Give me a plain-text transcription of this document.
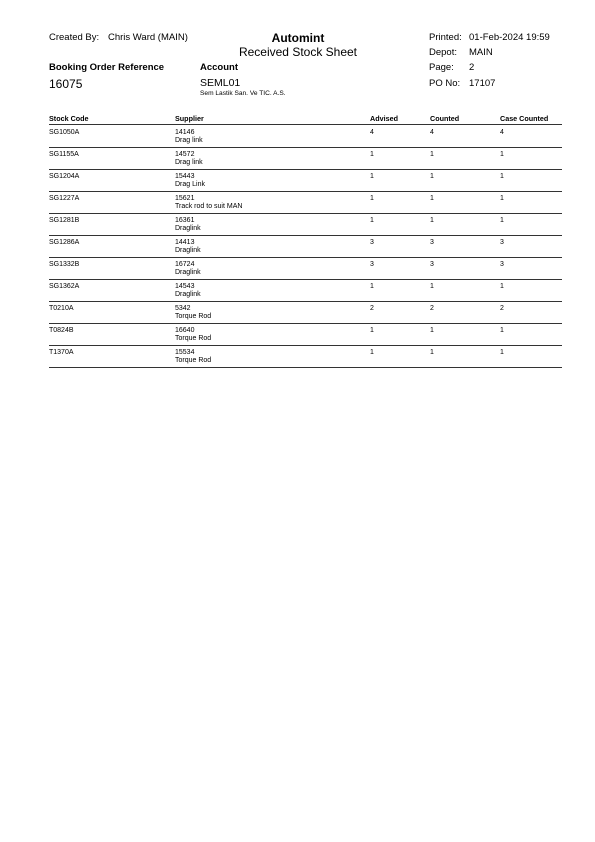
Created By: Chris Ward (MAIN)	Automint
Received Stock Sheet
Printed: 01-Feb-2024 19:59
Depot: MAIN
Page: 2
Booking Order Reference
16075
Account
SEML01
Sem Lastik San. Ve TIC. A.S.
PO No: 17107
Stock Code	Supplier	Advised	Counted	Case Counted
SG1050A	14146	4	4	4
Drag link
SG1155A	14572	1	1	1
Drag link
SG1204A	15443	1	1	1
Drag Link
SG1227A	15621	1	1	1
Track rod to suit MAN
SG1281B	16361	1	1	1
Draglink
SG1286A	14413	3	3	3
Draglink
SG1332B	16724	3	3	3
Draglink
SG1362A	14543	1	1	1
Draglink
T0210A	5342	2	2	2
Torque Rod
T0824B	16640	1	1	1
Torque Rod
T1370A	15534	1	1	1
Torque Rod
